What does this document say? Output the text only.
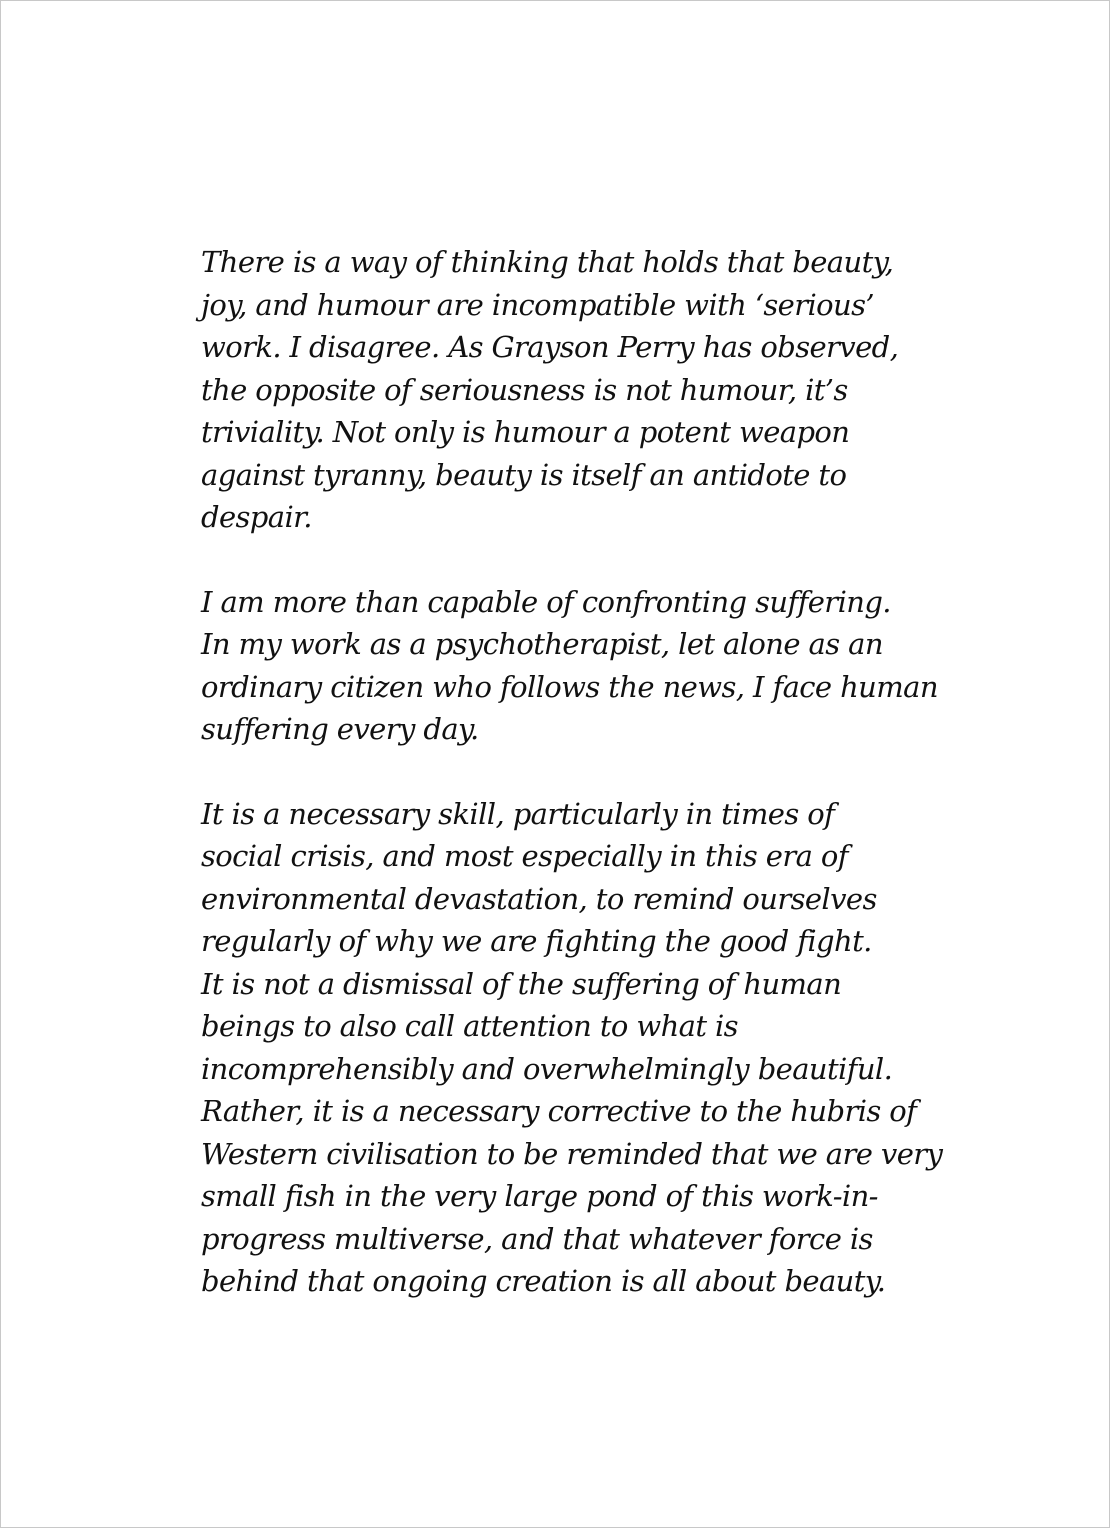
There is a way of thinking that holds that beauty,
joy, and humour are incompatible with ‘serious’
work. I disagree. As Grayson Perry has observed,
the opposite of seriousness is not humour, it’s
triviality. Not only is humour a potent weapon
against tyranny, beauty is itself an antidote to
despair.
I am more than capable of confronting suffering.
In my work as a psychotherapist, let alone as an
ordinary citizen who follows the news, I face human
suffering every day.
It is a necessary skill, particularly in times of
social crisis, and most especially in this era of
environmental devastation, to remind ourselves
regularly of why we are fighting the good fight.
It is not a dismissal of the suffering of human
beings to also call attention to what is
incomprehensibly and overwhelmingly beautiful.
Rather, it is a necessary corrective to the hubris of
Western civilisation to be reminded that we are very
small fish in the very large pond of this work-in-
progress multiverse, and that whatever force is
behind that ongoing creation is all about beauty.
